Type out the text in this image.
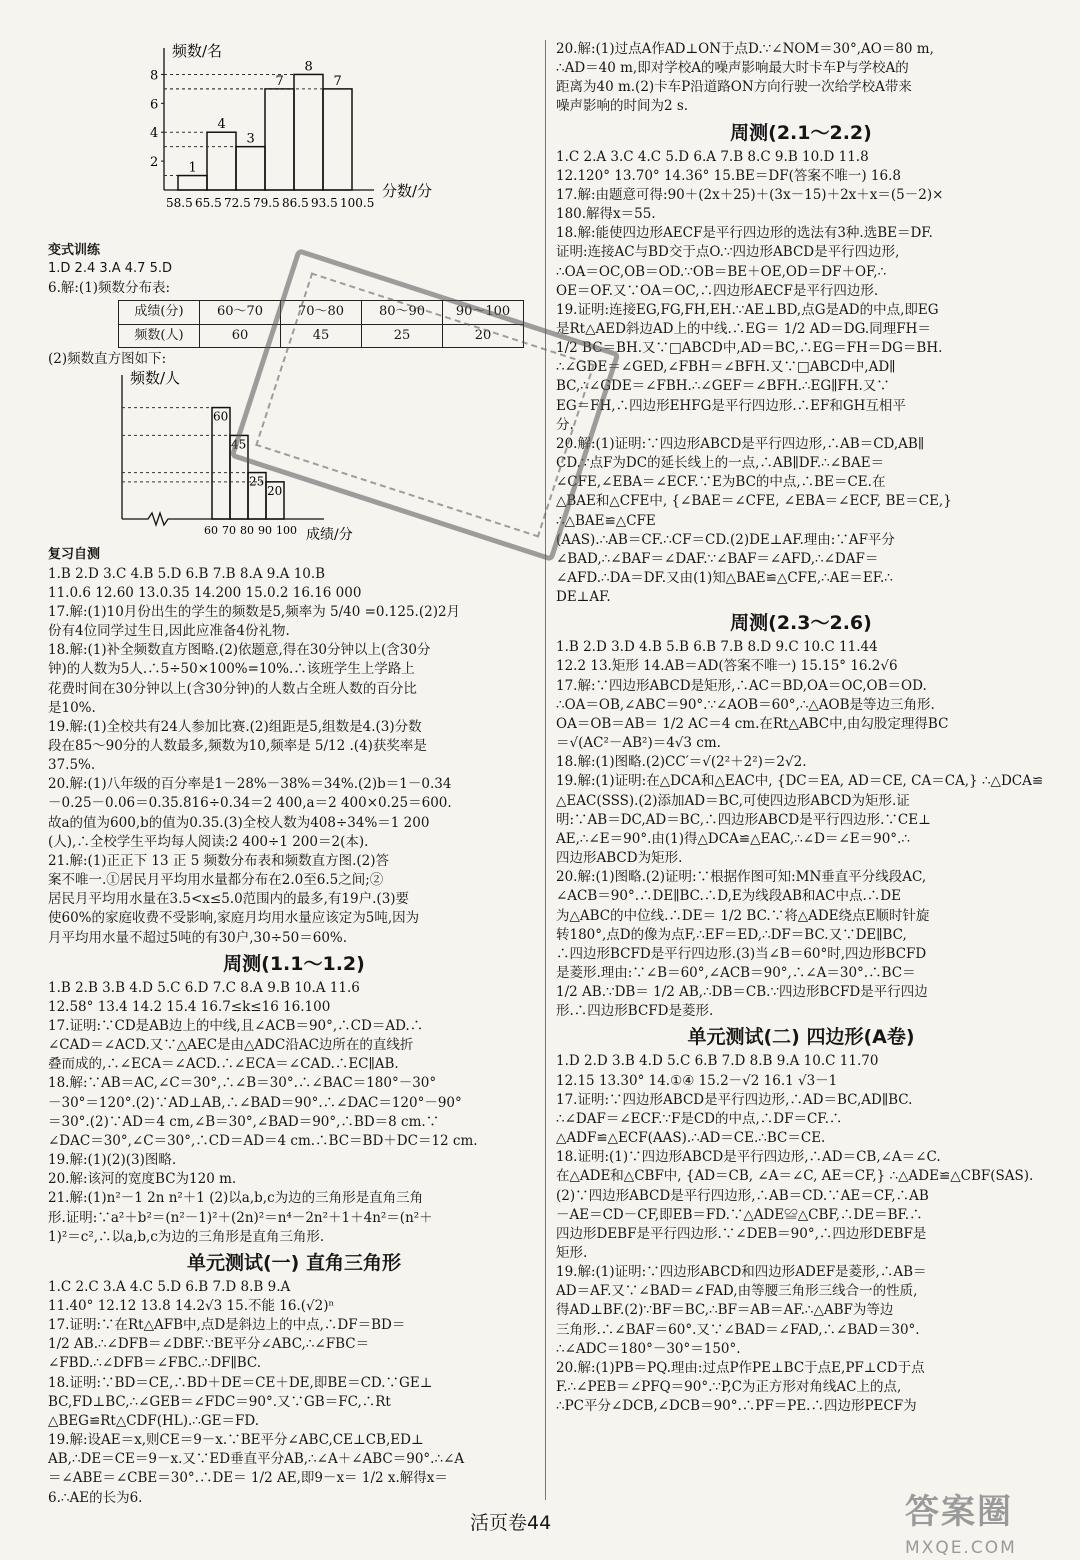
频数/名
分数/分
2
4
6
8
1
4
3
7
8
7
58.5 65.5 72.5 79.5 86.5 93.5 100.5

变式训练

1.D 2.4 3.A 4.7 5.D

6.解:(1)频数分布表:

成绩(分)	60～70	70～80	80～90	90～100
频数(人)	60	45	25	20

(2)频数直方图如下:

频数/人
成绩/分
60
45
25
20
60 70 80 90 100

复习自测

1.B 2.D 3.C 4.B 5.D 6.B 7.B 8.A 9.A 10.B

11.0.6 12.60 13.0.35 14.200 15.0.2 16.16 000

17.解:(1)10月份出生的学生的频数是5,频率为 5/40 =0.125.(2)2月

份有4位同学过生日,因此应准备4份礼物.

18.解:(1)补全频数直方图略.(2)依题意,得在30分钟以上(含30分

钟)的人数为5人.∴5÷50×100%=10%.∴该班学生上学路上

花费时间在30分钟以上(含30分钟)的人数占全班人数的百分比

是10%.

19.解:(1)全校共有24人参加比赛.(2)组距是5,组数是4.(3)分数

段在85～90分的人数最多,频数为10,频率是 5/12 .(4)获奖率是

37.5%.

20.解:(1)八年级的百分率是1－28%－38%＝34%.(2)b＝1－0.34

－0.25－0.06＝0.35.816÷0.34＝2 400,a＝2 400×0.25＝600.

故a的值为600,b的值为0.35.(3)全校人数为408÷34%＝1 200

(人),∴全校学生平均每人阅读:2 400÷1 200＝2(本).

21.解:(1)正正下 13 正 5 频数分布表和频数直方图.(2)答

案不唯一.①居民月平均用水量都分布在2.0至6.5之间;②

居民月平均用水量在3.5<x≤5.0范围内的最多,有19户.(3)要

使60%的家庭收费不受影响,家庭月均用水量应该定为5吨,因为

月平均用水量不超过5吨的有30户,30÷50＝60%.

周测(1.1～1.2)

1.B 2.B 3.B 4.D 5.C 6.D 7.C 8.A 9.B 10.A 11.6

12.58° 13.4 14.2 15.4 16.7≤k≤16 16.100

17.证明:∵CD是AB边上的中线,且∠ACB＝90°,∴CD＝AD.∴

∠CAD＝∠ACD.又∵△AEC是由△ADC沿AC边所在的直线折

叠而成的,∴∠ECA＝∠ACD.∴∠ECA＝∠CAD.∴EC∥AB.

18.解:∵AB＝AC,∠C＝30°,∴∠B＝30°.∴∠BAC＝180°－30°

－30°＝120°.(2)∵AD⊥AB,∴∠BAD＝90°.∴∠DAC＝120°－90°

＝30°.(2)∵AD＝4 cm,∠B＝30°,∠BAD＝90°,∴BD＝8 cm.∵

∠DAC＝30°,∠C＝30°,∴CD＝AD＝4 cm.∴BC＝BD＋DC＝12 cm.

19.解:(1)(2)(3)图略.

20.解:该河的宽度BC为120 m.

21.解:(1)n²－1 2n n²＋1 (2)以a,b,c为边的三角形是直角三角

形.证明:∵a²＋b²＝(n²－1)²＋(2n)²＝n⁴－2n²＋1＋4n²＝(n²＋

1)²＝c²,∴以a,b,c为边的三角形是直角三角形.

单元测试(一) 直角三角形

1.C 2.C 3.A 4.C 5.D 6.B 7.D 8.B 9.A

11.40° 12.12 13.8 14.2√3 15.不能 16.(√2)ⁿ

17.证明:∵在Rt△AFB中,点D是斜边上的中点,∴DF＝BD＝

1/2 AB.∴∠DFB＝∠DBF.∵BE平分∠ABC,∴∠FBC＝

∠FBD.∴∠DFB＝∠FBC.∴DF∥BC.

18.证明:∵BD＝CE,∴BD＋DE＝CE＋DE,即BE＝CD.∵GE⊥

BC,FD⊥BC,∴∠GEB＝∠FDC＝90°.又∵GB＝FC,∴Rt

△BEG≌Rt△CDF(HL).∴GE＝FD.

19.解:设AE＝x,则CE＝9－x.∵BE平分∠ABC,CE⊥CB,ED⊥

AB,∴DE＝CE＝9－x.又∵ED垂直平分AB,∴∠A＋∠ABC＝90°.∴∠A

＝∠ABE＝∠CBE＝30°.∴DE＝ 1/2 AE,即9－x＝ 1/2 x.解得x＝

6.∴AE的长为6.

20.解:(1)过点A作AD⊥ON于点D.∵∠NOM＝30°,AO＝80 m,

∴AD＝40 m,即对学校A的噪声影响最大时卡车P与学校A的

距离为40 m.(2)卡车P沿道路ON方向行驶一次给学校A带来

噪声影响的时间为2 s.

周测(2.1～2.2)

1.C 2.A 3.C 4.C 5.D 6.A 7.B 8.C 9.B 10.D 11.8

12.120° 13.70° 14.36° 15.BE＝DF(答案不唯一) 16.8

17.解:由题意可得:90＋(2x＋25)＋(3x－15)＋2x＋x＝(5－2)×

180.解得x＝55.

18.解:能使四边形AECF是平行四边形的选法有3种.选BE＝DF.

证明:连接AC与BD交于点O.∵四边形ABCD是平行四边形,

∴OA＝OC,OB＝OD.∵OB＝BE＋OE,OD＝DF＋OF,∴

OE＝OF.又∵OA＝OC,∴四边形AECF是平行四边形.

19.证明:连接EG,FG,FH,EH.∵AE⊥BD,点G是AD的中点,即EG

是Rt△AED斜边AD上的中线.∴EG＝ 1/2 AD＝DG.同理FH＝

1/2 BC＝BH.又∵□ABCD中,AD＝BC,∴EG＝FH＝DG＝BH.

∴∠GDE＝∠GED,∠FBH＝∠BFH.又∵□ABCD中,AD∥

BC,∴∠GDE＝∠FBH.∴∠GEF＝∠BFH.∴EG∥FH.又∵

EG＝FH,∴四边形EHFG是平行四边形.∴EF和GH互相平

分.

20.解:(1)证明:∵四边形ABCD是平行四边形,∴AB＝CD,AB∥

CD.∵点F为DC的延长线上的一点,∴AB∥DF.∴∠BAE＝

∠CFE,∠EBA＝∠ECF.∵E为BC的中点,∴BE＝CE.在

△BAE和△CFE中, {∠BAE＝∠CFE, ∠EBA＝∠ECF, BE＝CE,} ∴△BAE≌△CFE

(AAS).∴AB＝CF.∴CF＝CD.(2)DE⊥AF.理由:∵AF平分

∠BAD,∴∠BAF＝∠DAF.∵∠BAF＝∠AFD,∴∠DAF＝

∠AFD.∴DA＝DF.又由(1)知△BAE≌△CFE,∴AE＝EF.∴

DE⊥AF.

周测(2.3～2.6)

1.B 2.D 3.D 4.B 5.B 6.B 7.B 8.D 9.C 10.C 11.44

12.2 13.矩形 14.AB＝AD(答案不唯一) 15.15° 16.2√6

17.解:∵四边形ABCD是矩形,∴AC＝BD,OA＝OC,OB＝OD.

∴OA＝OB,∠ABC＝90°.∵∠AOB＝60°,∴△AOB是等边三角形.

OA＝OB＝AB＝ 1/2 AC＝4 cm.在Rt△ABC中,由勾股定理得BC

＝√(AC²－AB²)＝4√3 cm.

18.解:(1)图略.(2)CC′＝√(2²＋2²)＝2√2.

19.解:(1)证明:在△DCA和△EAC中, {DC＝EA, AD＝CE, CA＝CA,} ∴△DCA≌

△EAC(SSS).(2)添加AD＝BC,可使四边形ABCD为矩形.证

明:∵AB＝DC,AD＝BC,∴四边形ABCD是平行四边形.∵CE⊥

AE,∴∠E＝90°.由(1)得△DCA≌△EAC,∴∠D＝∠E＝90°.∴

四边形ABCD为矩形.

20.解:(1)图略.(2)证明:∵根据作图可知:MN垂直平分线段AC,

∠ACB＝90°.∴DE∥BC.∴D,E为线段AB和AC中点.∴DE

为△ABC的中位线.∴DE＝ 1/2 BC.∵将△ADE绕点E顺时针旋

转180°,点D的像为点F,∴EF＝ED,∴DF＝BC.又∵DE∥BC,

∴四边形BCFD是平行四边形.(3)当∠B＝60°时,四边形BCFD

是菱形.理由:∵∠B＝60°,∠ACB＝90°,∴∠A＝30°.∴BC＝

1/2 AB.∵DB＝ 1/2 AB,∴DB＝CB.∵四边形BCFD是平行四边

形.∴四边形BCFD是菱形.

单元测试(二) 四边形(A卷)

1.D 2.D 3.B 4.D 5.C 6.B 7.D 8.B 9.A 10.C 11.70

12.15 13.30° 14.①④ 15.2－√2 16.1 √3－1

17.证明:∵四边形ABCD是平行四边形,∴AD＝BC,AD∥BC.

∴∠DAF＝∠ECF.∵F是CD的中点,∴DF＝CF.∴

△ADF≌△ECF(AAS).∴AD＝CE.∴BC＝CE.

18.证明:(1)∵四边形ABCD是平行四边形,∴AD＝CB,∠A＝∠C.

在△ADE和△CBF中, {AD＝CB, ∠A＝∠C, AE＝CF,} ∴△ADE≌△CBF(SAS).

(2)∵四边形ABCD是平行四边形,∴AB＝CD.∵AE＝CF,∴AB

－AE＝CD－CF,即EB＝FD.∵△ADE≌△CBF,∴DE＝BF.∴

四边形DEBF是平行四边形.∵∠DEB＝90°,∴四边形DEBF是

矩形.

19.解:(1)证明:∵四边形ABCD和四边形ADEF是菱形,∴AB＝

AD＝AF.又∵∠BAD＝∠FAD,由等腰三角形三线合一的性质,

得AD⊥BF.(2)∵BF＝BC,∴BF＝AB＝AF.∴△ABF为等边

三角形.∴∠BAF＝60°.又∵∠BAD＝∠FAD,∴∠BAD＝30°.

∴∠ADC＝180°－30°＝150°.

20.解:(1)PB＝PQ.理由:过点P作PE⊥BC于点E,PF⊥CD于点

F.∴∠PEB＝∠PFQ＝90°.∵P,C为正方形对角线AC上的点,

∴PC平分∠DCB,∠DCB＝90°.∴PF＝PE.∴四边形PECF为

活页卷44	答案圈
MXQE.COM
